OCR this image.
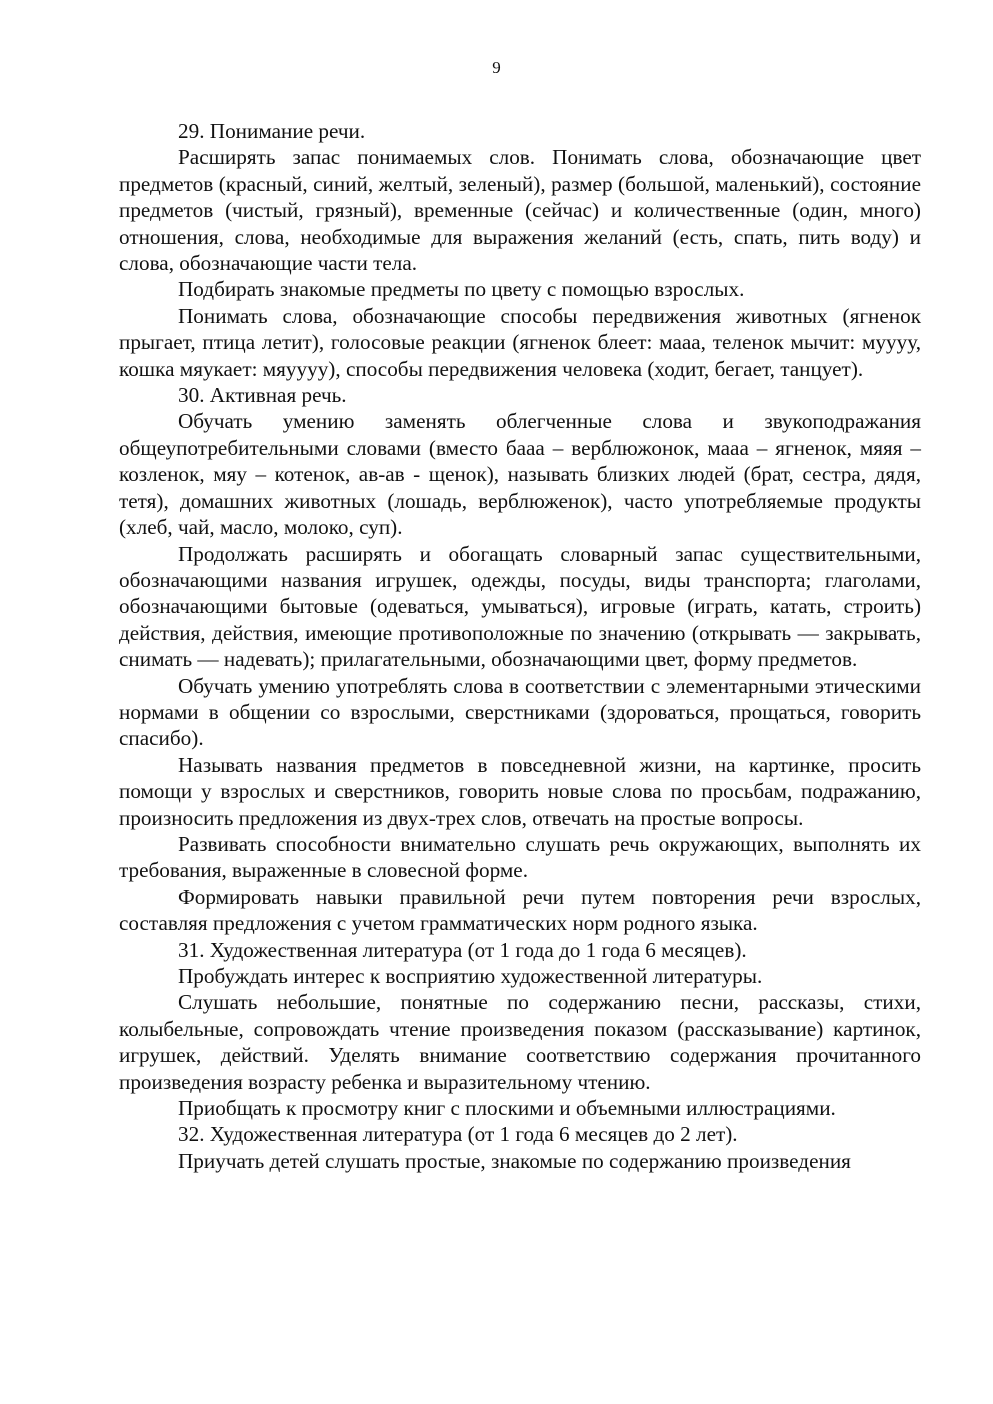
9

29. Понимание речи.

Расширять запас понимаемых слов. Понимать слова, обозначающие цвет предметов (красный, синий, желтый, зеленый), размер (большой, маленький), состояние предметов (чистый, грязный), временные (сейчас) и количественные (один, много) отношения, слова, необходимые для выражения желаний (есть, спать, пить воду) и слова, обозначающие части тела.

Подбирать знакомые предметы по цвету с помощью взрослых.

Понимать слова, обозначающие способы передвижения животных (ягненок прыгает, птица летит), голосовые реакции (ягненок блеет: мааа, теленок мычит: муууу, кошка мяукает: мяуууу), способы передвижения человека (ходит, бегает, танцует).

30. Активная речь.

Обучать умению заменять облегченные слова и звукоподражания общеупотребительными словами (вместо бааа – верблюжонок, мааа – ягненок, мяяя – козленок, мяу – котенок, ав-ав - щенок), называть близких людей (брат, сестра, дядя, тетя), домашних животных (лошадь, верблюженок), часто употребляемые продукты (хлеб, чай, масло, молоко, суп).

Продолжать расширять и обогащать словарный запас существительными, обозначающими названия игрушек, одежды, посуды, виды транспорта; глаголами, обозначающими бытовые (одеваться, умываться), игровые (играть, катать, строить) действия, действия, имеющие противоположные по значению (открывать — закрывать, снимать — надевать); прилагательными, обозначающими цвет, форму предметов.

Обучать умению употреблять слова в соответствии с элементарными этическими нормами в общении со взрослыми, сверстниками (здороваться, прощаться, говорить спасибо).

Называть названия предметов в повседневной жизни, на картинке, просить помощи у взрослых и сверстников, говорить новые слова по просьбам, подражанию, произносить предложения из двух-трех слов, отвечать на простые вопросы.

Развивать способности внимательно слушать речь окружающих, выполнять их требования, выраженные в словесной форме.

Формировать навыки правильной речи путем повторения речи взрослых, составляя предложения с учетом грамматических норм родного языка.

31. Художественная литература (от 1 года до 1 года 6 месяцев).

Пробуждать интерес к восприятию художественной литературы.

Слушать небольшие, понятные по содержанию песни, рассказы, стихи, колыбельные, сопровождать чтение произведения показом (рассказывание) картинок, игрушек, действий. Уделять внимание соответствию содержания прочитанного произведения возрасту ребенка и выразительному чтению.

Приобщать к просмотру книг с плоскими и объемными иллюстрациями.

32. Художественная литература (от 1 года 6 месяцев до 2 лет).

Приучать детей слушать простые, знакомые по содержанию произведения
